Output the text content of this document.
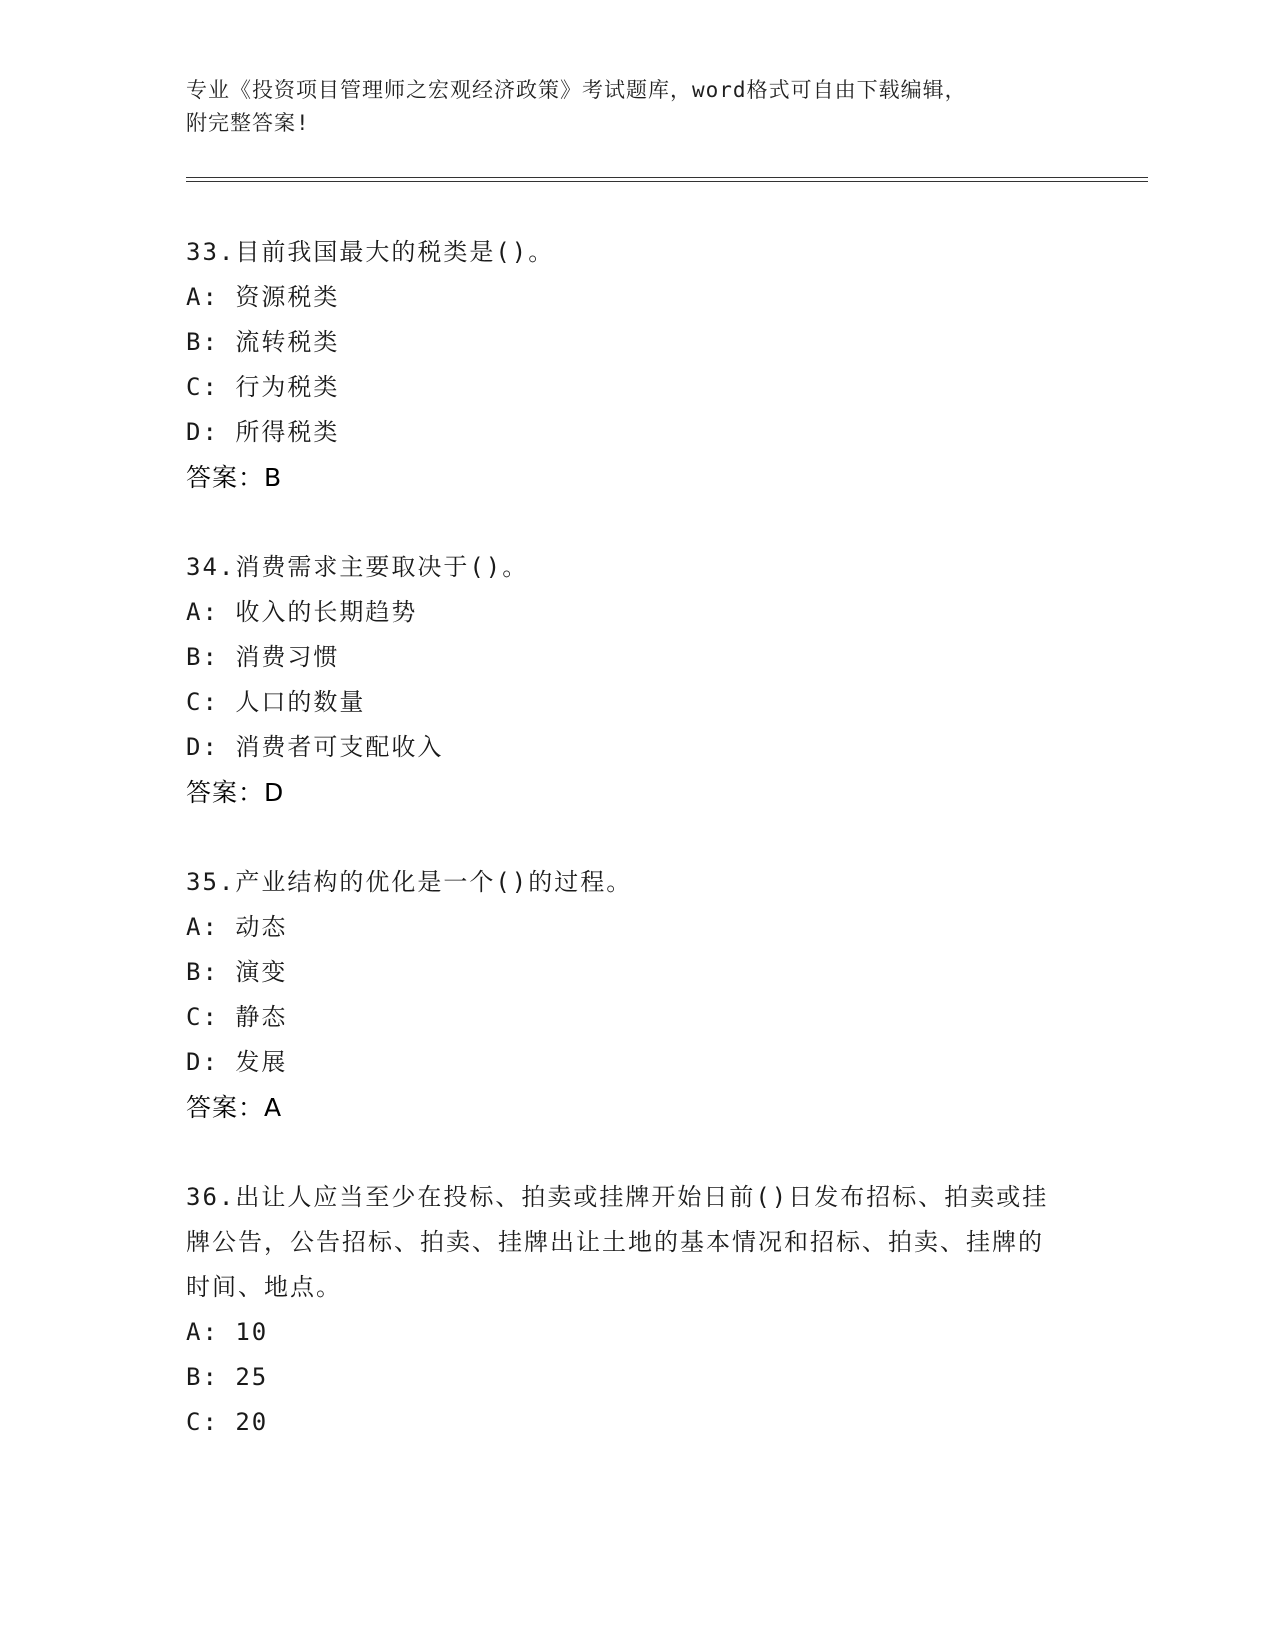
专业《投资项目管理师之宏观经济政策》考试题库，word格式可自由下载编辑，
附完整答案!

33.目前我国最大的税类是()。

A: 资源税类

B: 流转税类

C: 行为税类

D: 所得税类

答案：B

34.消费需求主要取决于()。

A: 收入的长期趋势

B: 消费习惯

C: 人口的数量

D: 消费者可支配收入

答案：D

35.产业结构的优化是一个()的过程。

A: 动态

B: 演变

C: 静态

D: 发展

答案：A

36.出让人应当至少在投标、拍卖或挂牌开始日前()日发布招标、拍卖或挂牌公告，公告招标、拍卖、挂牌出让土地的基本情况和招标、拍卖、挂牌的时间、地点。

A: 10

B: 25

C: 20
